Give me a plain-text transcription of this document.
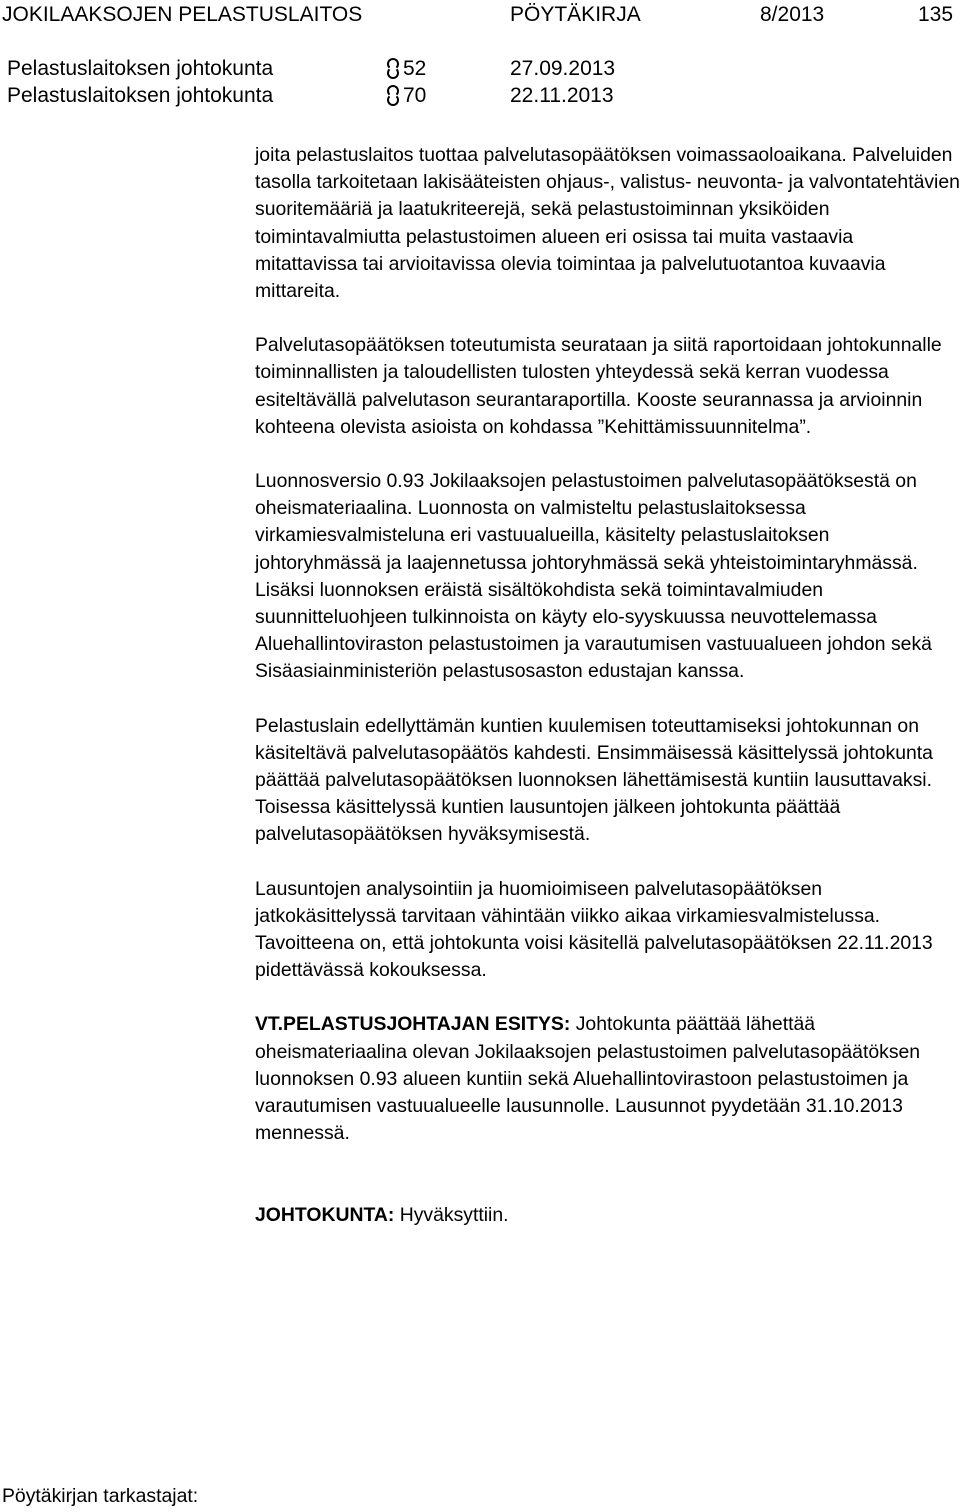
JOKILAAKSOJEN PELASTUSLAITOS	PÖYTÄKIRJA	8/2013	135
Pelastuslaitoksen johtokunta	52	27.09.2013
Pelastuslaitoksen johtokunta	70	22.11.2013

joita pelastuslaitos tuottaa palvelutasopäätöksen voimassaoloaikana. Palveluiden tasolla tarkoitetaan lakisääteisten ohjaus-, valistus- neuvonta- ja valvontatehtävien suoritemääriä ja laatukriteerejä, sekä pelastustoiminnan yksiköiden toimintavalmiutta pelastustoimen alueen eri osissa tai muita vastaavia mitattavissa tai arvioitavissa olevia toimintaa ja palvelutuotantoa kuvaavia mittareita.

Palvelutasopäätöksen toteutumista seurataan ja siitä raportoidaan johtokunnalle toiminnallisten ja taloudellisten tulosten yhteydessä sekä kerran vuodessa esiteltävällä palvelutason seurantaraportilla. Kooste seurannassa ja arvioinnin kohteena olevista asioista on kohdassa ”Kehittämissuunnitelma”.

Luonnosversio 0.93 Jokilaaksojen pelastustoimen palvelutasopäätöksestä on oheismateriaalina. Luonnosta on valmisteltu pelastuslaitoksessa virkamiesvalmisteluna eri vastuualueilla, käsitelty pelastuslaitoksen johtoryhmässä ja laajennetussa johtoryhmässä sekä yhteistoimintaryhmässä. Lisäksi luonnoksen eräistä sisältökohdista sekä toimintavalmiuden suunnitteluohjeen tulkinnoista on käyty elo-syyskuussa neuvottelemassa Aluehallintoviraston pelastustoimen ja varautumisen vastuualueen johdon sekä Sisäasiainministeriön pelastusosaston edustajan kanssa.

Pelastuslain edellyttämän kuntien kuulemisen toteuttamiseksi johtokunnan on käsiteltävä palvelutasopäätös kahdesti. Ensimmäisessä käsittelyssä johtokunta päättää palvelutasopäätöksen luonnoksen lähettämisestä kuntiin lausuttavaksi. Toisessa käsittelyssä kuntien lausuntojen jälkeen johtokunta päättää palvelutasopäätöksen hyväksymisestä.

Lausuntojen analysointiin ja huomioimiseen palvelutasopäätöksen jatkokäsittelyssä tarvitaan vähintään viikko aikaa virkamiesvalmistelussa. Tavoitteena on, että johtokunta voisi käsitellä palvelutasopäätöksen 22.11.2013 pidettävässä kokouksessa.

VT.PELASTUSJOHTAJAN ESITYS: Johtokunta päättää lähettää oheismateriaalina olevan Jokilaaksojen pelastustoimen palvelutasopäätöksen luonnoksen 0.93 alueen kuntiin sekä Aluehallintovirastoon pelastustoimen ja varautumisen vastuualueelle lausunnolle. Lausunnot pyydetään 31.10.2013 mennessä.

JOHTOKUNTA: Hyväksyttiin.

Pöytäkirjan tarkastajat:
